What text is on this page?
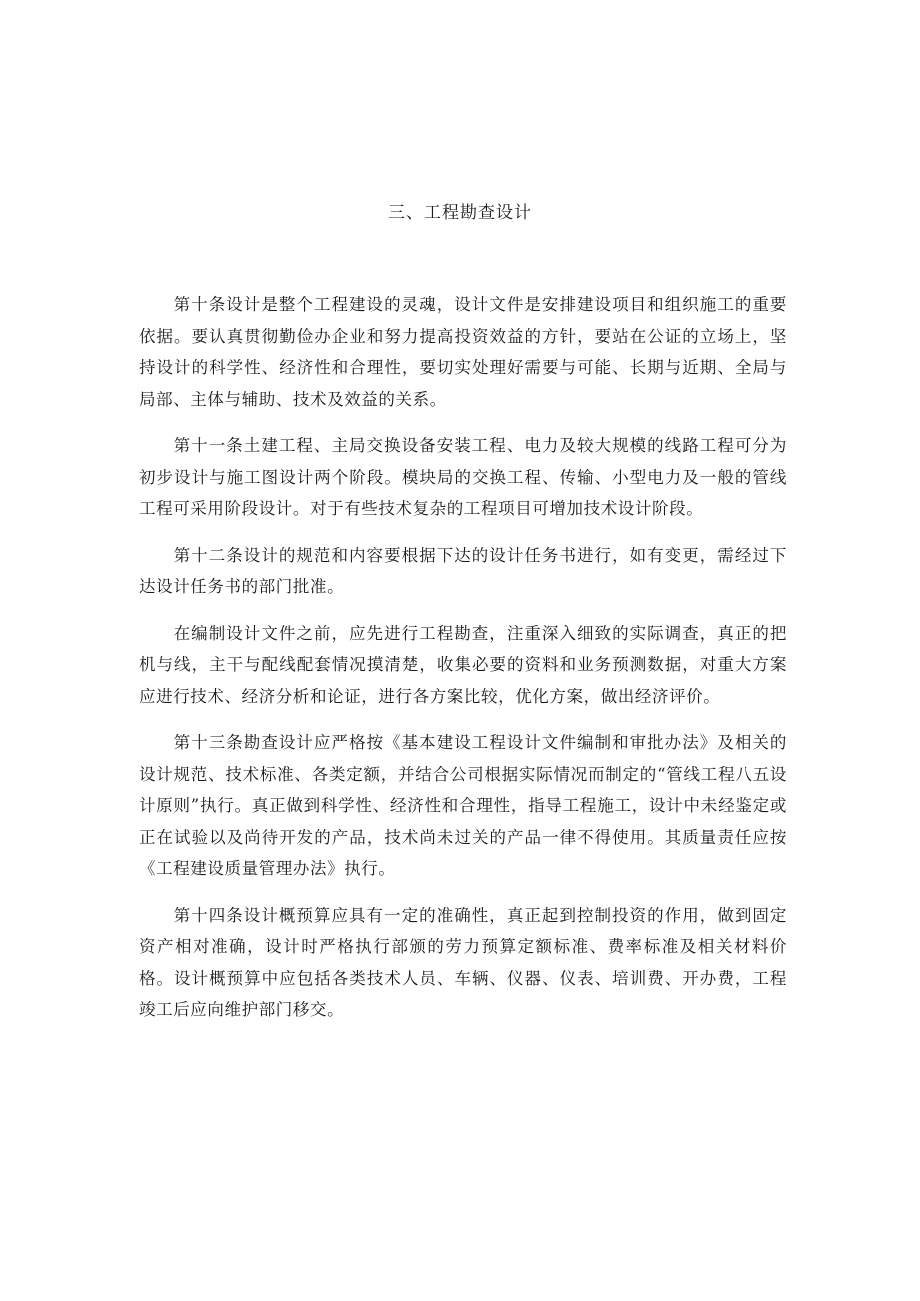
三、工程勘查设计

第十条设计是整个工程建设的灵魂，设计文件是安排建设项目和组织施工的重要依据。要认真贯彻勤俭办企业和努力提高投资效益的方针，要站在公证的立场上，坚持设计的科学性、经济性和合理性，要切实处理好需要与可能、长期与近期、全局与局部、主体与辅助、技术及效益的关系。

第十一条土建工程、主局交换设备安装工程、电力及较大规模的线路工程可分为初步设计与施工图设计两个阶段。模块局的交换工程、传输、小型电力及一般的管线工程可采用阶段设计。对于有些技术复杂的工程项目可增加技术设计阶段。

第十二条设计的规范和内容要根据下达的设计任务书进行，如有变更，需经过下达设计任务书的部门批准。

在编制设计文件之前，应先进行工程勘查，注重深入细致的实际调查，真正的把机与线，主干与配线配套情况摸清楚，收集必要的资料和业务预测数据，对重大方案应进行技术、经济分析和论证，进行各方案比较，优化方案，做出经济评价。

第十三条勘查设计应严格按《基本建设工程设计文件编制和审批办法》及相关的设计规范、技术标准、各类定额，并结合公司根据实际情况而制定的“管线工程八五设计原则”执行。真正做到科学性、经济性和合理性，指导工程施工，设计中未经鉴定或正在试验以及尚待开发的产品，技术尚未过关的产品一律不得使用。其质量责任应按《工程建设质量管理办法》执行。

第十四条设计概预算应具有一定的准确性，真正起到控制投资的作用，做到固定资产相对准确，设计时严格执行部颁的劳力预算定额标准、费率标准及相关材料价格。设计概预算中应包括各类技术人员、车辆、仪器、仪表、培训费、开办费，工程竣工后应向维护部门移交。
